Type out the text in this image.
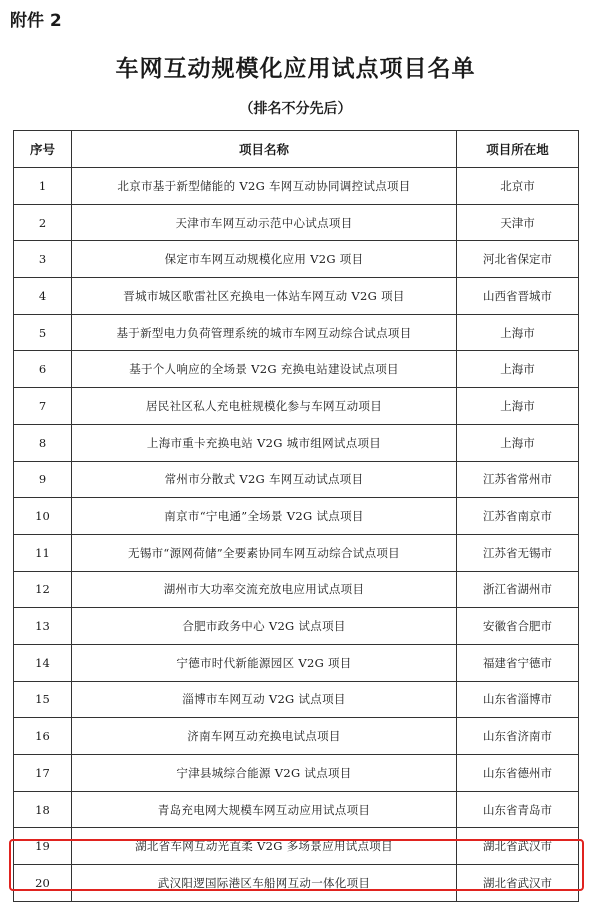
附件 2
车网互动规模化应用试点项目名单
（排名不分先后）
序号	项目名称	项目所在地
1	北京市基于新型储能的 V2G 车网互动协同调控试点项目	北京市
2	天津市车网互动示范中心试点项目	天津市
3	保定市车网互动规模化应用 V2G 项目	河北省保定市
4	晋城市城区歌雷社区充换电一体站车网互动 V2G 项目	山西省晋城市
5	基于新型电力负荷管理系统的城市车网互动综合试点项目	上海市
6	基于个人响应的全场景 V2G 充换电站建设试点项目	上海市
7	居民社区私人充电桩规模化参与车网互动项目	上海市
8	上海市重卡充换电站 V2G 城市组网试点项目	上海市
9	常州市分散式 V2G 车网互动试点项目	江苏省常州市
10	南京市“宁电通”全场景 V2G 试点项目	江苏省南京市
11	无锡市“源网荷储”全要素协同车网互动综合试点项目	江苏省无锡市
12	湖州市大功率交流充放电应用试点项目	浙江省湖州市
13	合肥市政务中心 V2G 试点项目	安徽省合肥市
14	宁德市时代新能源园区 V2G 项目	福建省宁德市
15	淄博市车网互动 V2G 试点项目	山东省淄博市
16	济南车网互动充换电试点项目	山东省济南市
17	宁津县城综合能源 V2G 试点项目	山东省德州市
18	青岛充电网大规模车网互动应用试点项目	山东省青岛市
19	湖北省车网互动光直柔 V2G 多场景应用试点项目	湖北省武汉市
20	武汉阳逻国际港区车船网互动一体化项目	湖北省武汉市
